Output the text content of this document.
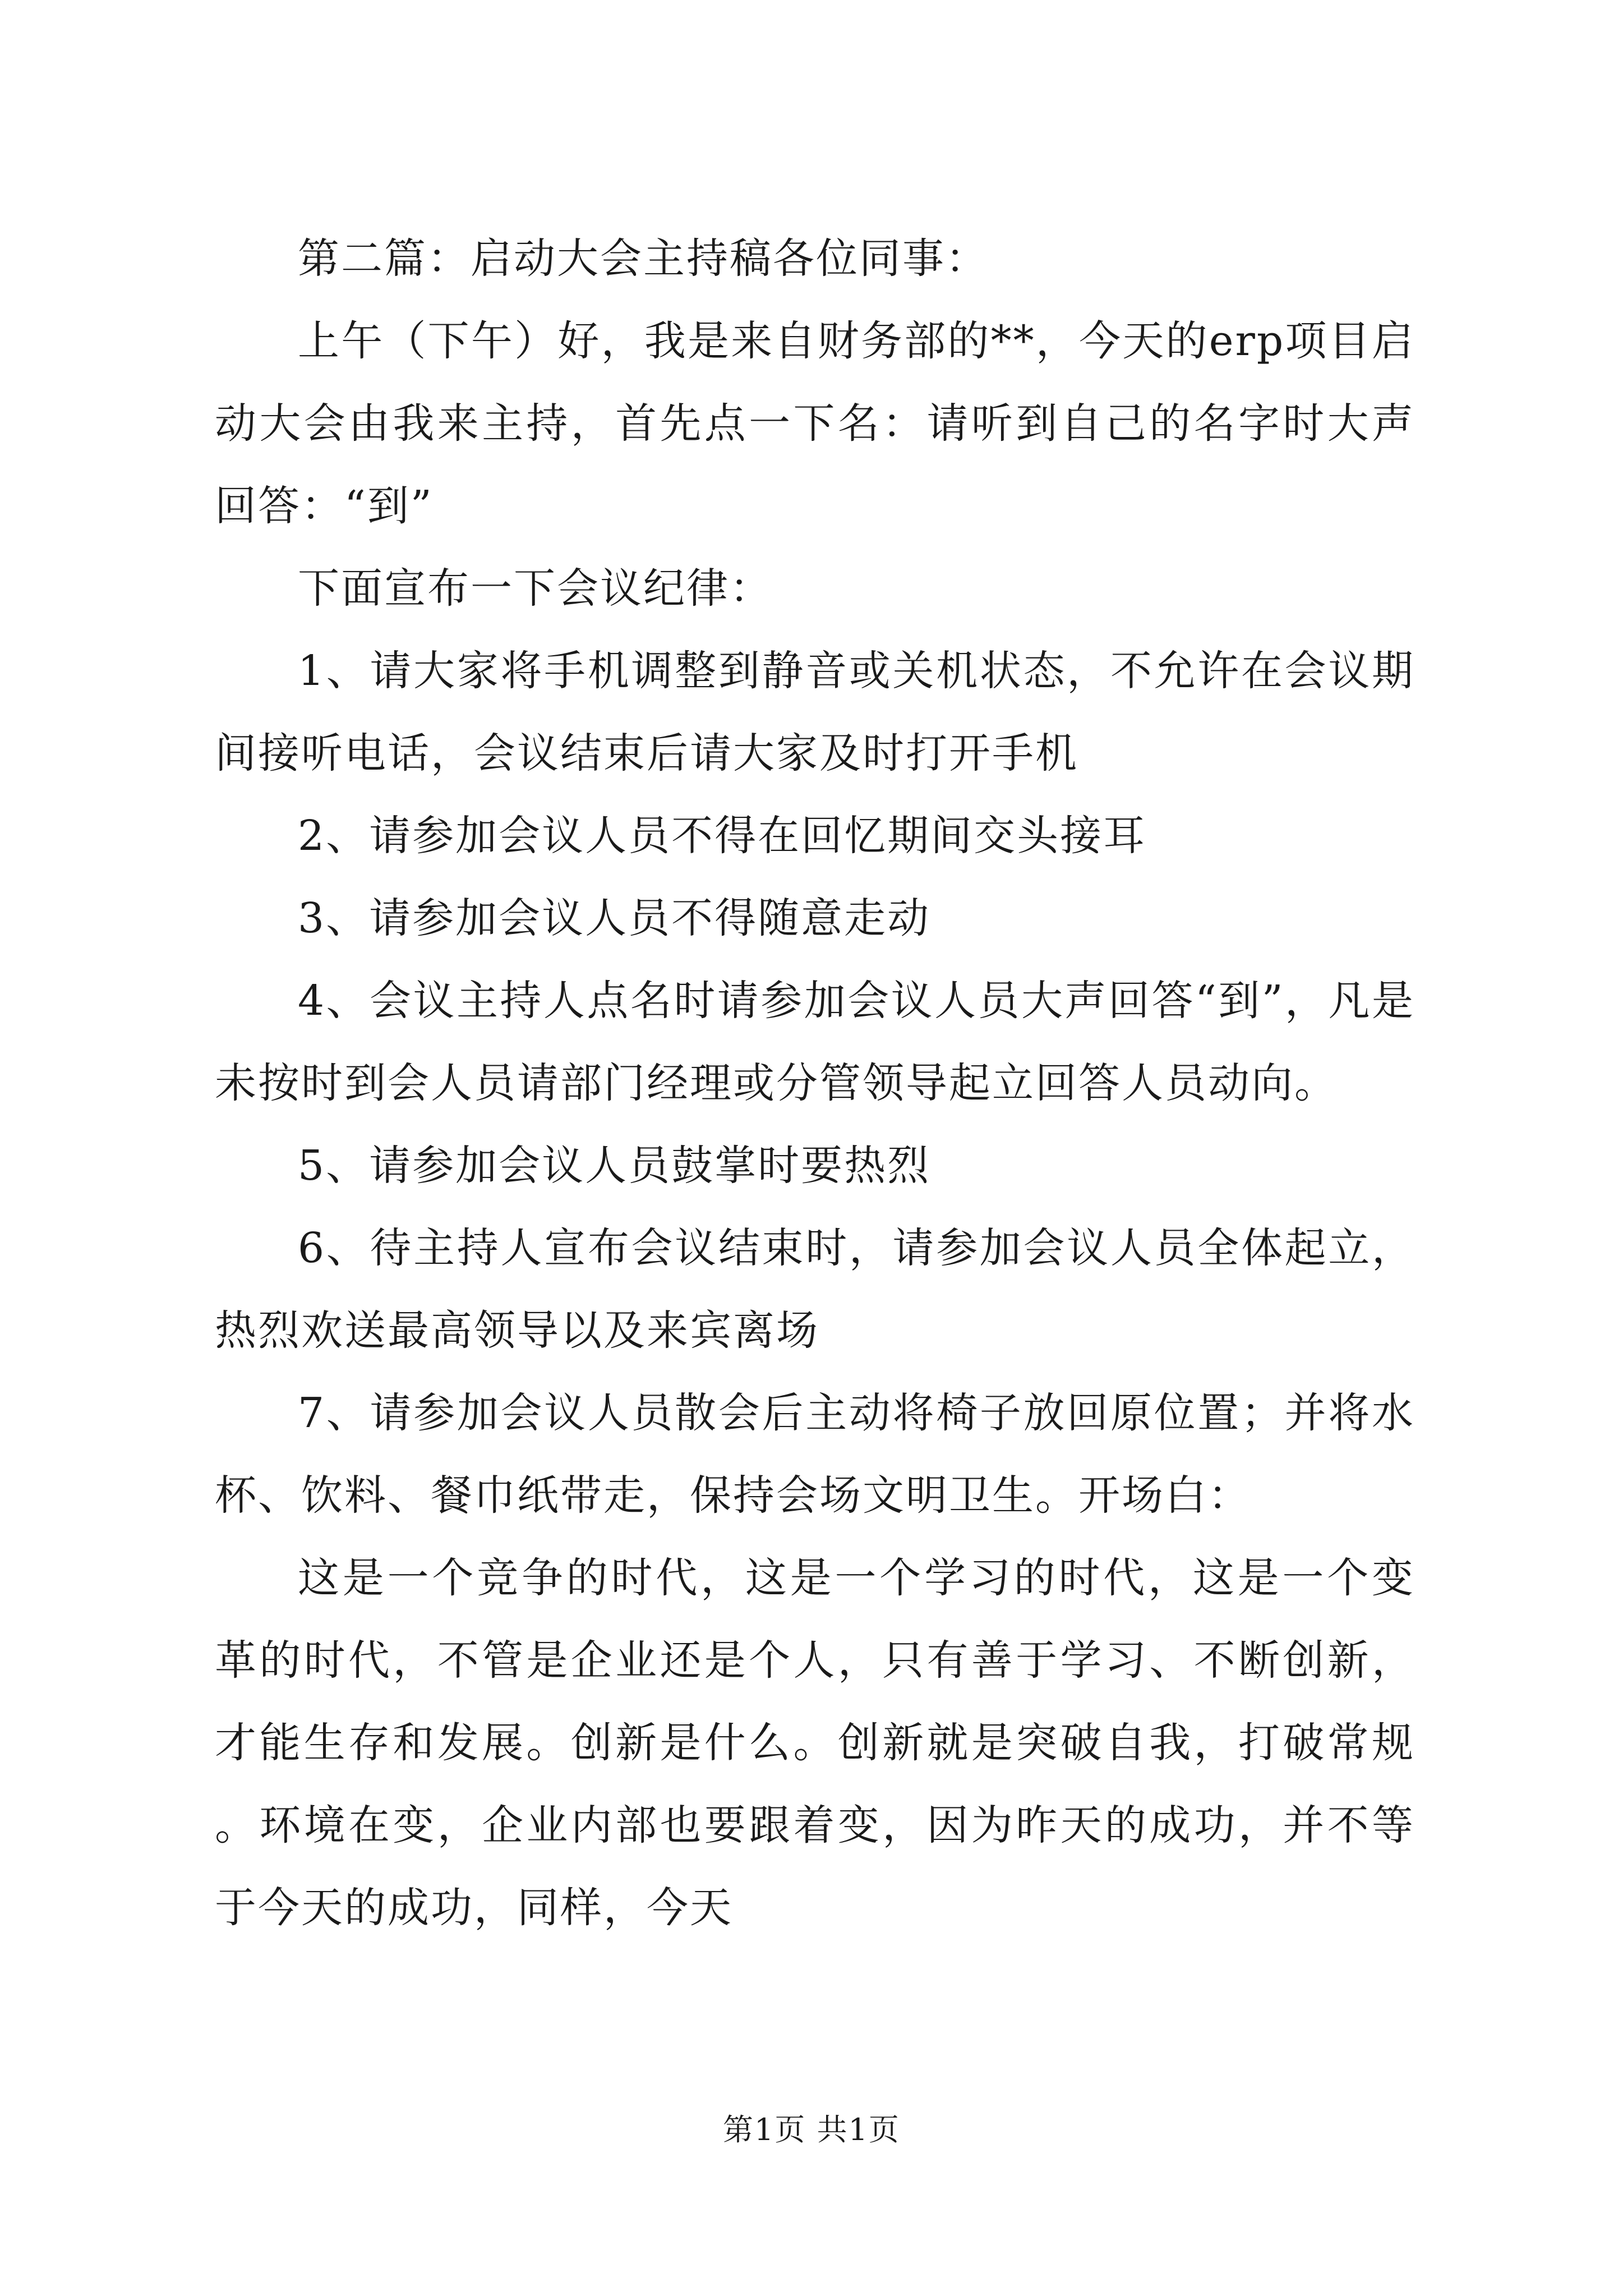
第二篇：启动大会主持稿各位同事：

上午（下午）好，我是来自财务部的**，今天的erp项目启动大会由我来主持，首先点一下名：请听到自己的名字时大声回答：“到”

下面宣布一下会议纪律：

1、请大家将手机调整到静音或关机状态，不允许在会议期间接听电话，会议结束后请大家及时打开手机

2、请参加会议人员不得在回忆期间交头接耳

3、请参加会议人员不得随意走动

4、会议主持人点名时请参加会议人员大声回答“到”，凡是未按时到会人员请部门经理或分管领导起立回答人员动向。

5、请参加会议人员鼓掌时要热烈

6、待主持人宣布会议结束时，请参加会议人员全体起立，热烈欢送最高领导以及来宾离场

7、请参加会议人员散会后主动将椅子放回原位置；并将水杯、饮料、餐巾纸带走，保持会场文明卫生。开场白：

这是一个竞争的时代，这是一个学习的时代，这是一个变革的时代，不管是企业还是个人，只有善于学习、不断创新，才能生存和发展。创新是什么。创新就是突破自我，打破常规。环境在变，企业内部也要跟着变，因为昨天的成功，并不等于今天的成功，同样，今天

第1页 共1页
